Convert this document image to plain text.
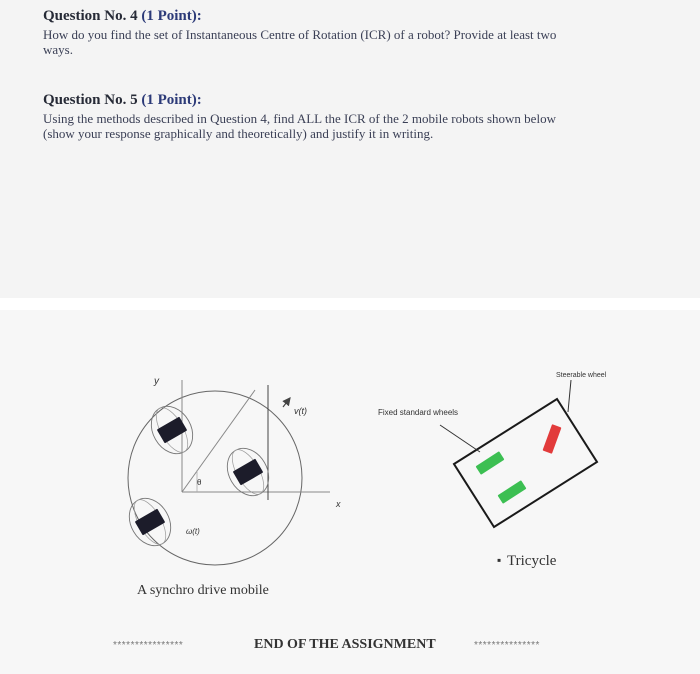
Question No. 4 (1 Point):
How do you find the set of Instantaneous Centre of Rotation (ICR) of a robot? Provide at least two
ways.
Question No. 5 (1 Point):
Using the methods described in Question 4, find ALL the ICR of the 2 mobile robots shown below
(show your response graphically and theoretically) and justify it in writing.
y
x
v(t)
θ
ω(t)
A synchro drive mobile
Steerable wheel
Fixed standard wheels
▪ Tricycle
****************	END OF THE ASSIGNMENT	***************
